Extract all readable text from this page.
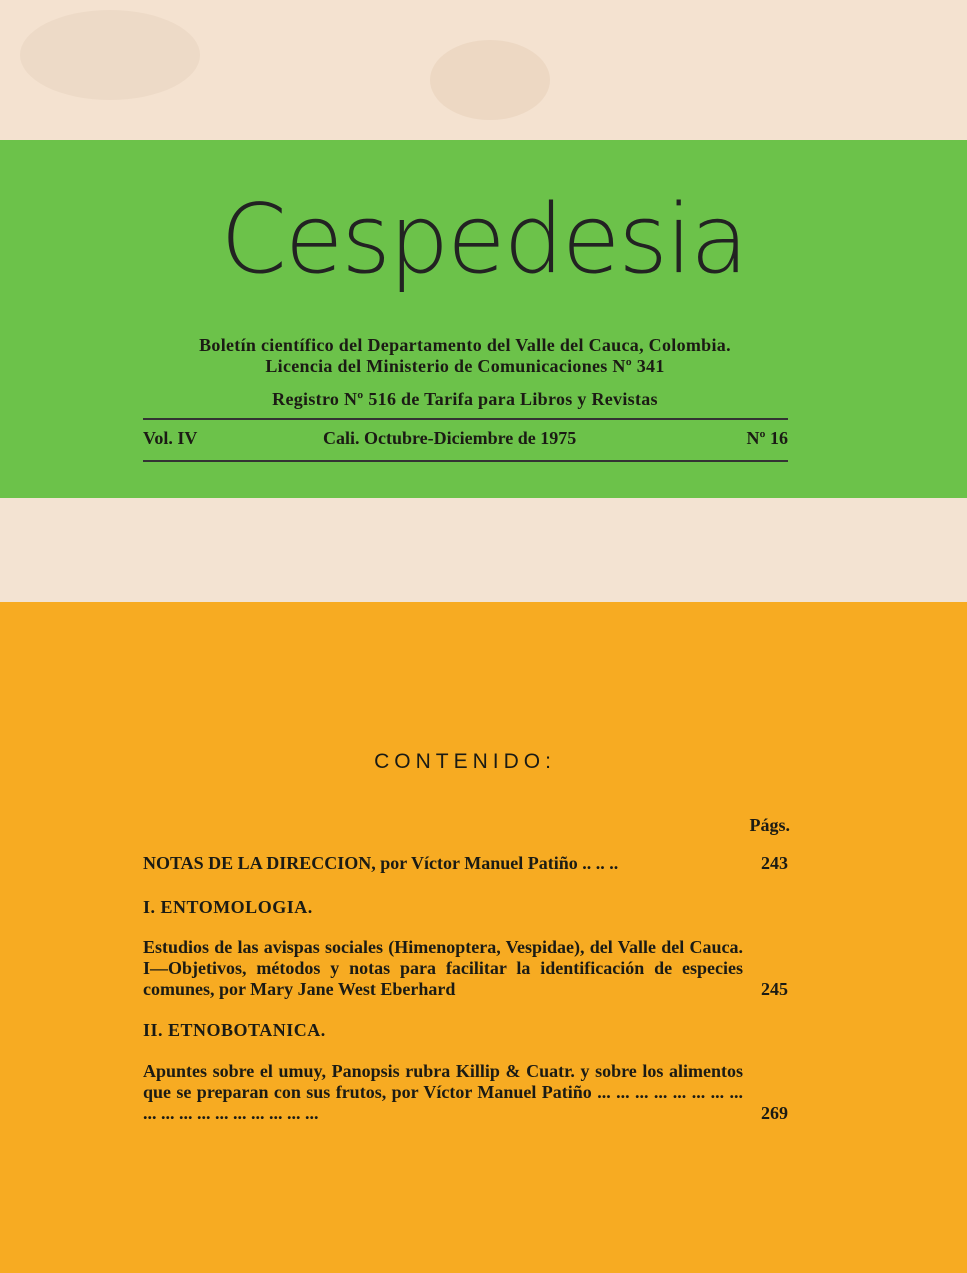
Cespedesia
Boletín científico del Departamento del Valle del Cauca, Colombia.
Licencia del Ministerio de Comunicaciones Nº 341
Registro Nº 516 de Tarifa para Libros y Revistas
Vol. IV	Cali. Octubre-Diciembre de 1975	Nº 16
CONTENIDO:
Págs.
NOTAS DE LA DIRECCION, por Víctor Manuel Patiño .. .. ..	243
I. ENTOMOLOGIA.
Estudios de las avispas sociales (Himenoptera, Vespidae), del Valle del Cauca. I—Objetivos, métodos y notas para facilitar la identificación de especies comunes, por Mary Jane West Eberhard	245
II. ETNOBOTANICA.
Apuntes sobre el umuy, Panopsis rubra Killip & Cuatr. y sobre los alimentos que se preparan con sus frutos, por Víctor Manuel Patiño ... ... ... ... ... ... ... ... ... ... ... ... ... ... ... ... ... ...	269
